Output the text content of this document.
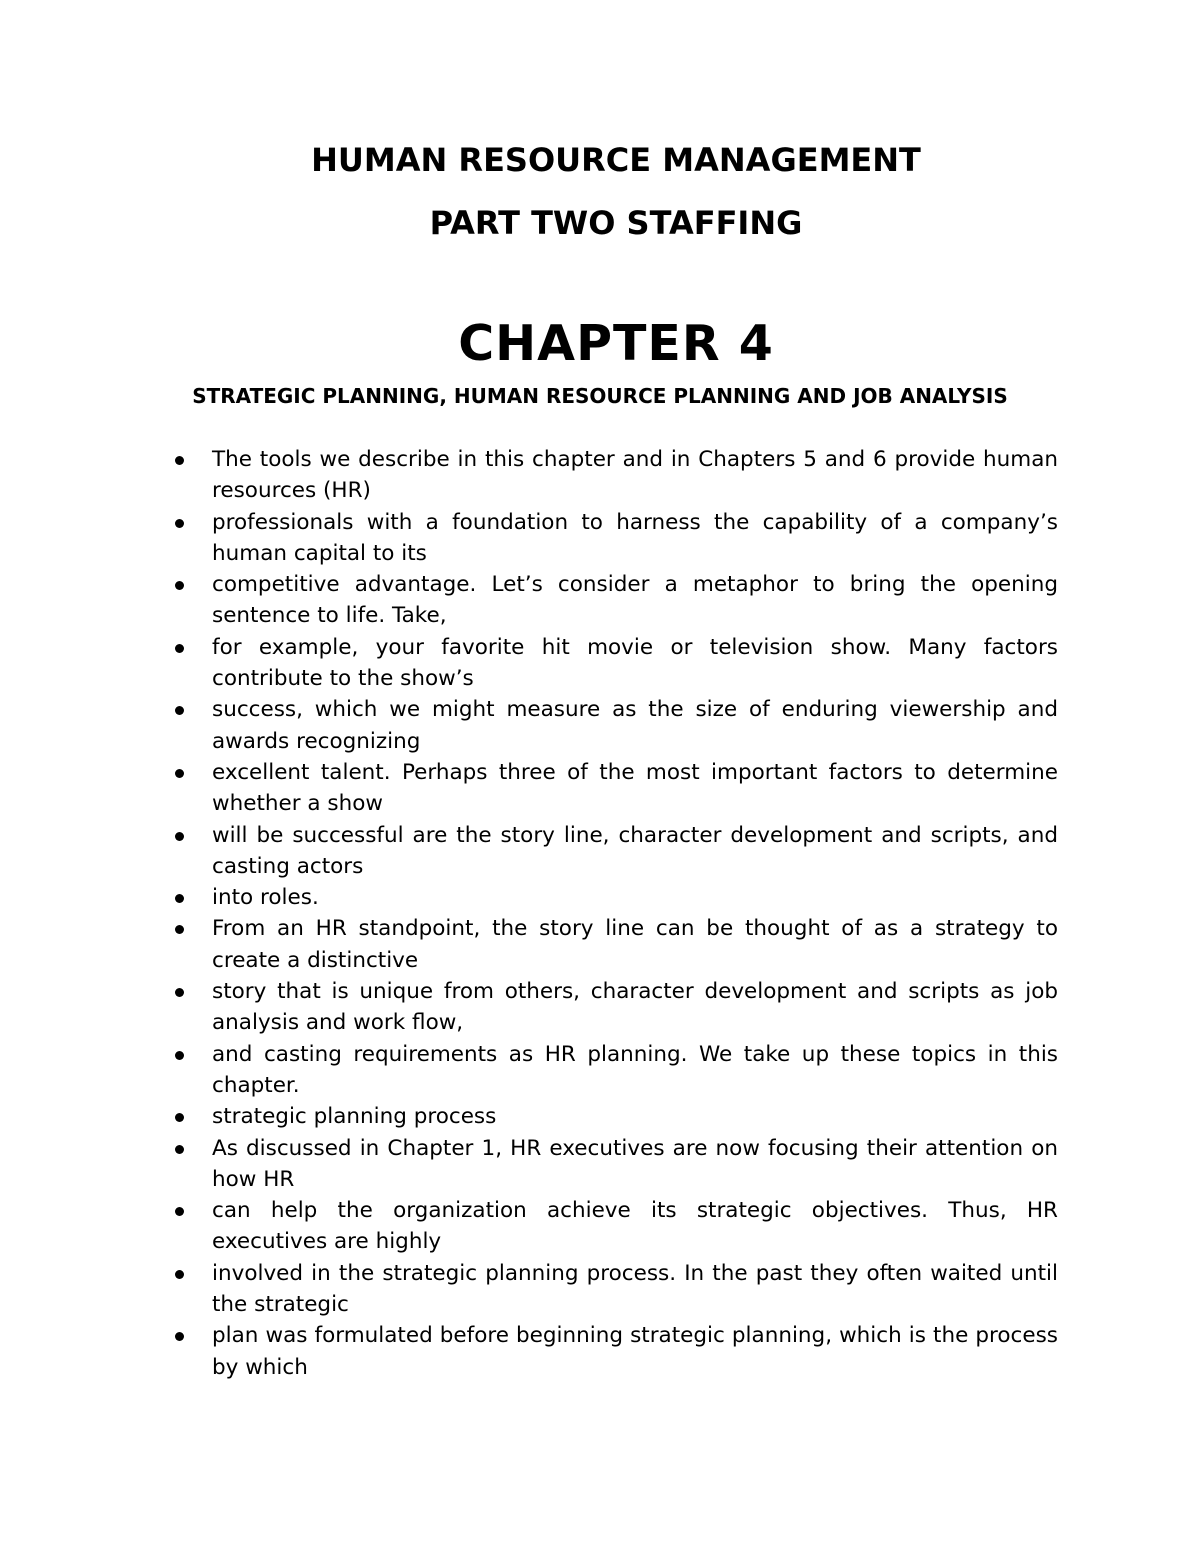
HUMAN RESOURCE MANAGEMENT
PART TWO STAFFING
CHAPTER 4
STRATEGIC PLANNING, HUMAN RESOURCE PLANNING AND JOB ANALYSIS
The tools we describe in this chapter and in Chapters 5 and 6 provide human resources (HR)
professionals with a foundation to harness the capability of a company’s human capital to its
competitive advantage. Let’s consider a metaphor to bring the opening sentence to life. Take,
for example, your favorite hit movie or television show. Many factors contribute to the show’s
success, which we might measure as the size of enduring viewership and awards recognizing
excellent talent. Perhaps three of the most important factors to determine whether a show
will be successful are the story line, character development and scripts, and casting actors
into roles.
From an HR standpoint, the story line can be thought of as a strategy to create a distinctive
story that is unique from others, character development and scripts as job analysis and work flow,
and casting requirements as HR planning. We take up these topics in this chapter.
strategic planning process
As discussed in Chapter 1, HR executives are now focusing their attention on how HR
can help the organization achieve its strategic objectives. Thus, HR executives are highly
involved in the strategic planning process. In the past they often waited until the strategic
plan was formulated before beginning strategic planning, which is the process by which
